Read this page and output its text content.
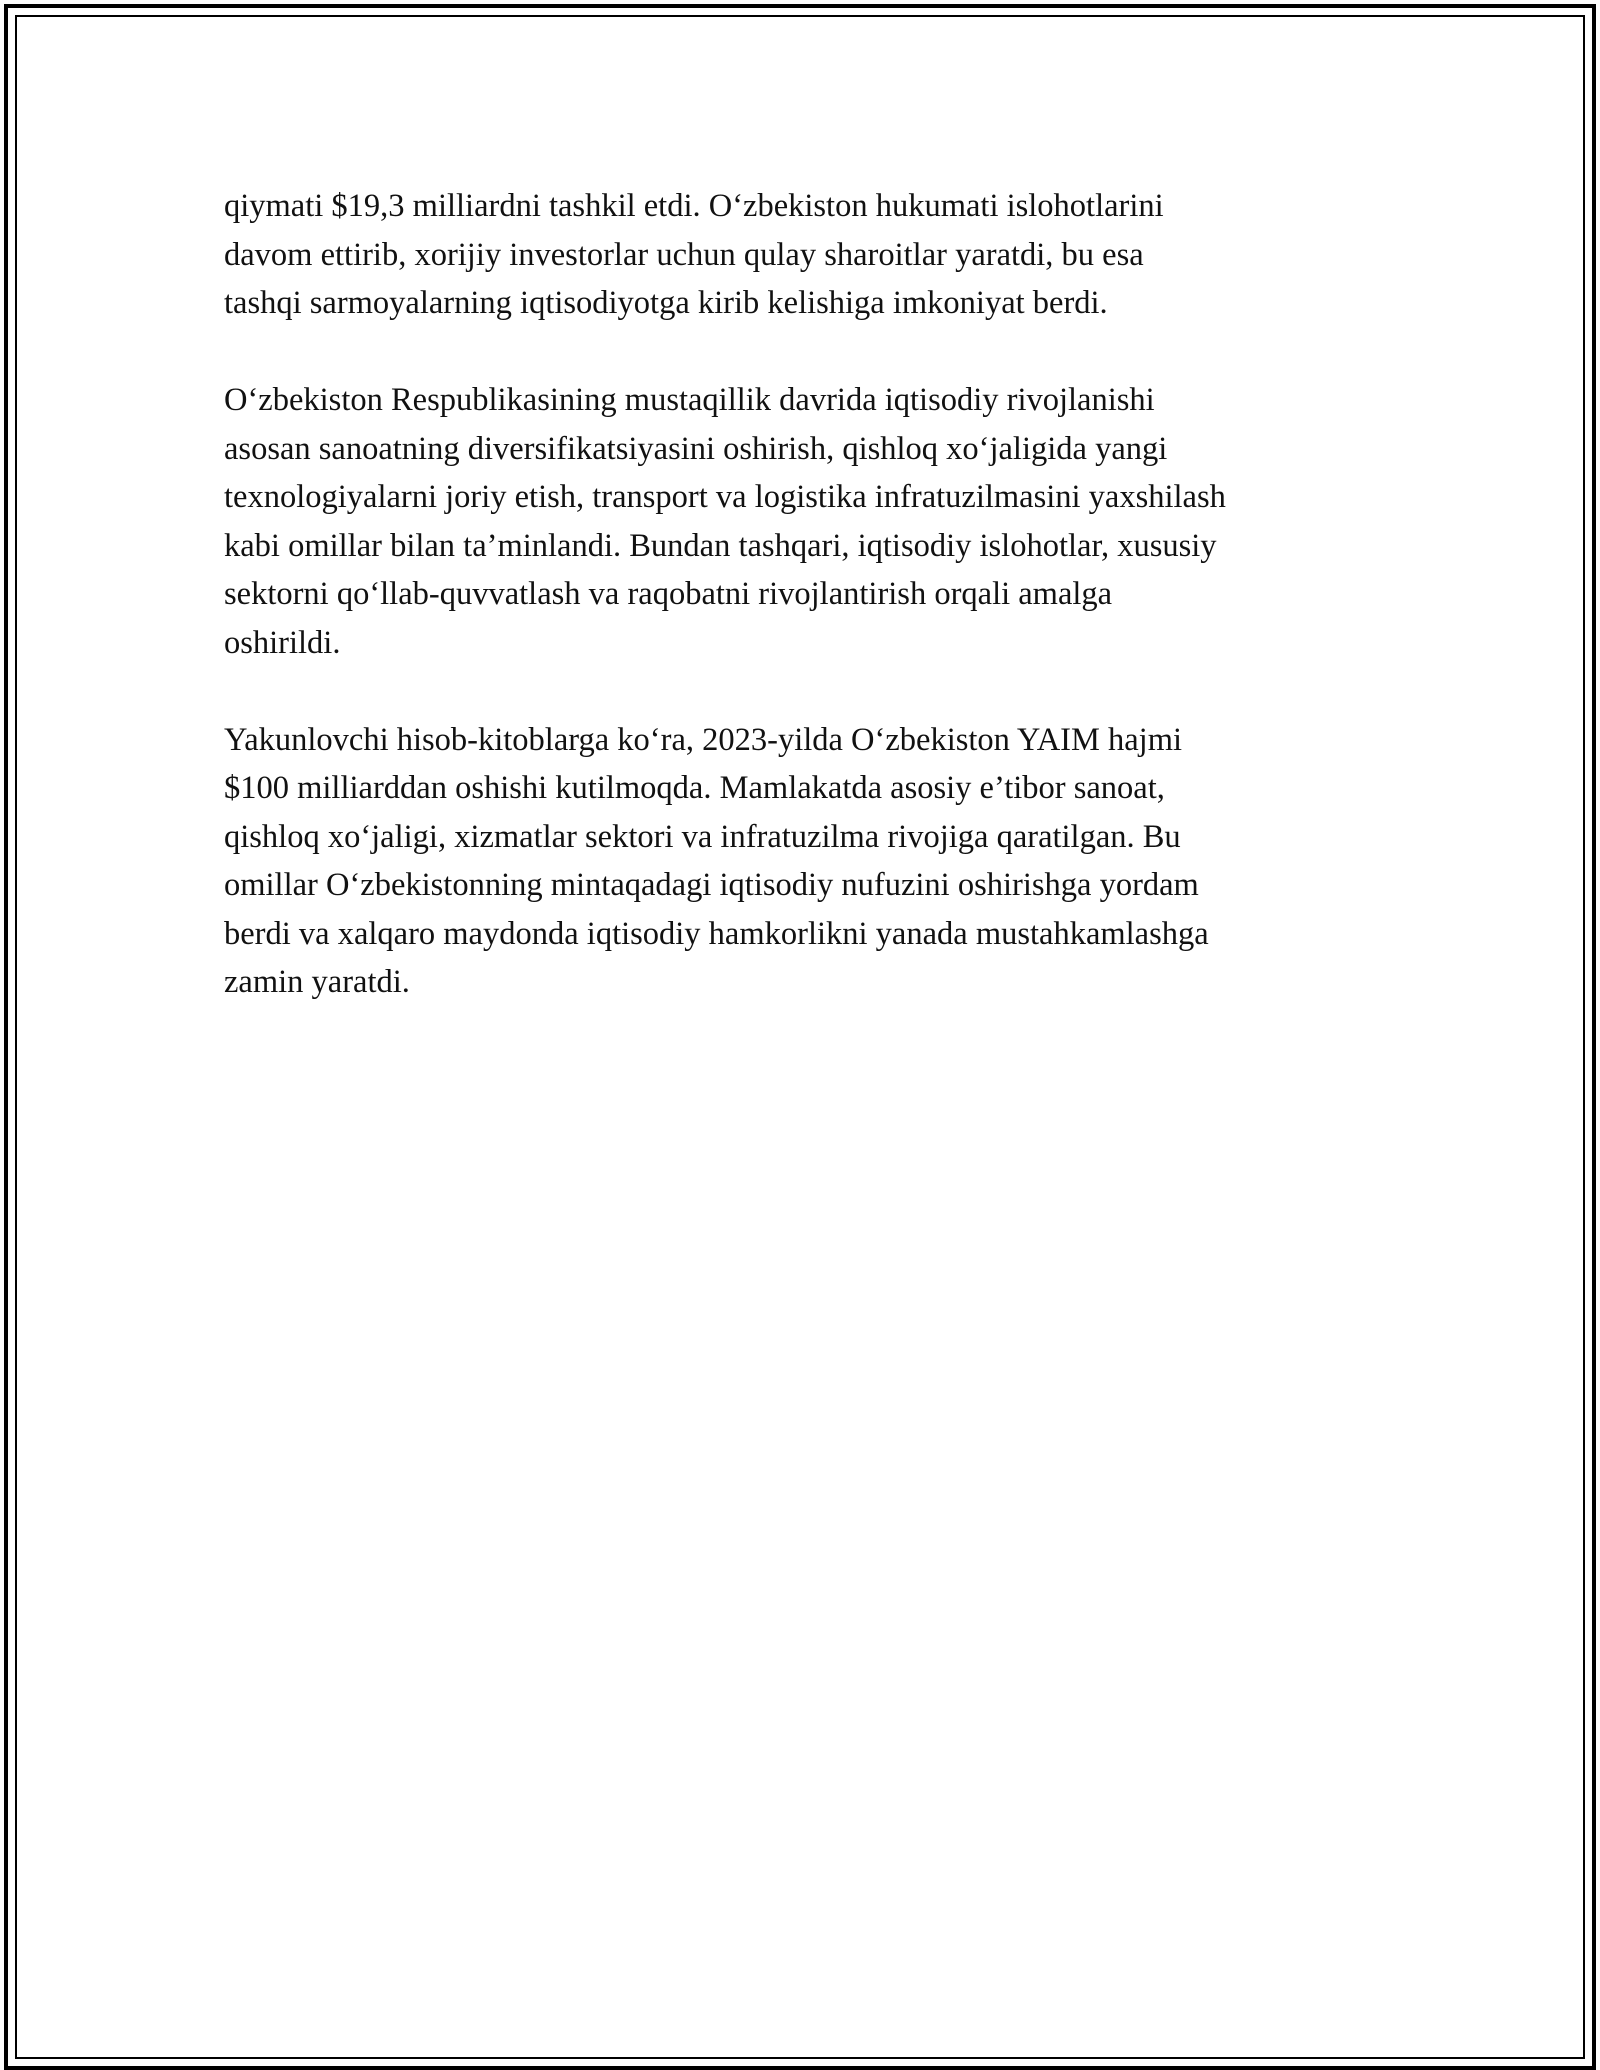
qiymati $19,3 milliardni tashkil etdi. O‘zbekiston hukumati islohotlarini
davom ettirib, xorijiy investorlar uchun qulay sharoitlar yaratdi, bu esa
tashqi sarmoyalarning iqtisodiyotga kirib kelishiga imkoniyat berdi.

O‘zbekiston Respublikasining mustaqillik davrida iqtisodiy rivojlanishi
asosan sanoatning diversifikatsiyasini oshirish, qishloq xo‘jaligida yangi
texnologiyalarni joriy etish, transport va logistika infratuzilmasini yaxshilash
kabi omillar bilan ta’minlandi. Bundan tashqari, iqtisodiy islohotlar, xususiy
sektorni qo‘llab-quvvatlash va raqobatni rivojlantirish orqali amalga
oshirildi.

Yakunlovchi hisob-kitoblarga ko‘ra, 2023-yilda O‘zbekiston YAIM hajmi
$100 milliarddan oshishi kutilmoqda. Mamlakatda asosiy e’tibor sanoat,
qishloq xo‘jaligi, xizmatlar sektori va infratuzilma rivojiga qaratilgan. Bu
omillar O‘zbekistonning mintaqadagi iqtisodiy nufuzini oshirishga yordam
berdi va xalqaro maydonda iqtisodiy hamkorlikni yanada mustahkamlashga
zamin yaratdi.
